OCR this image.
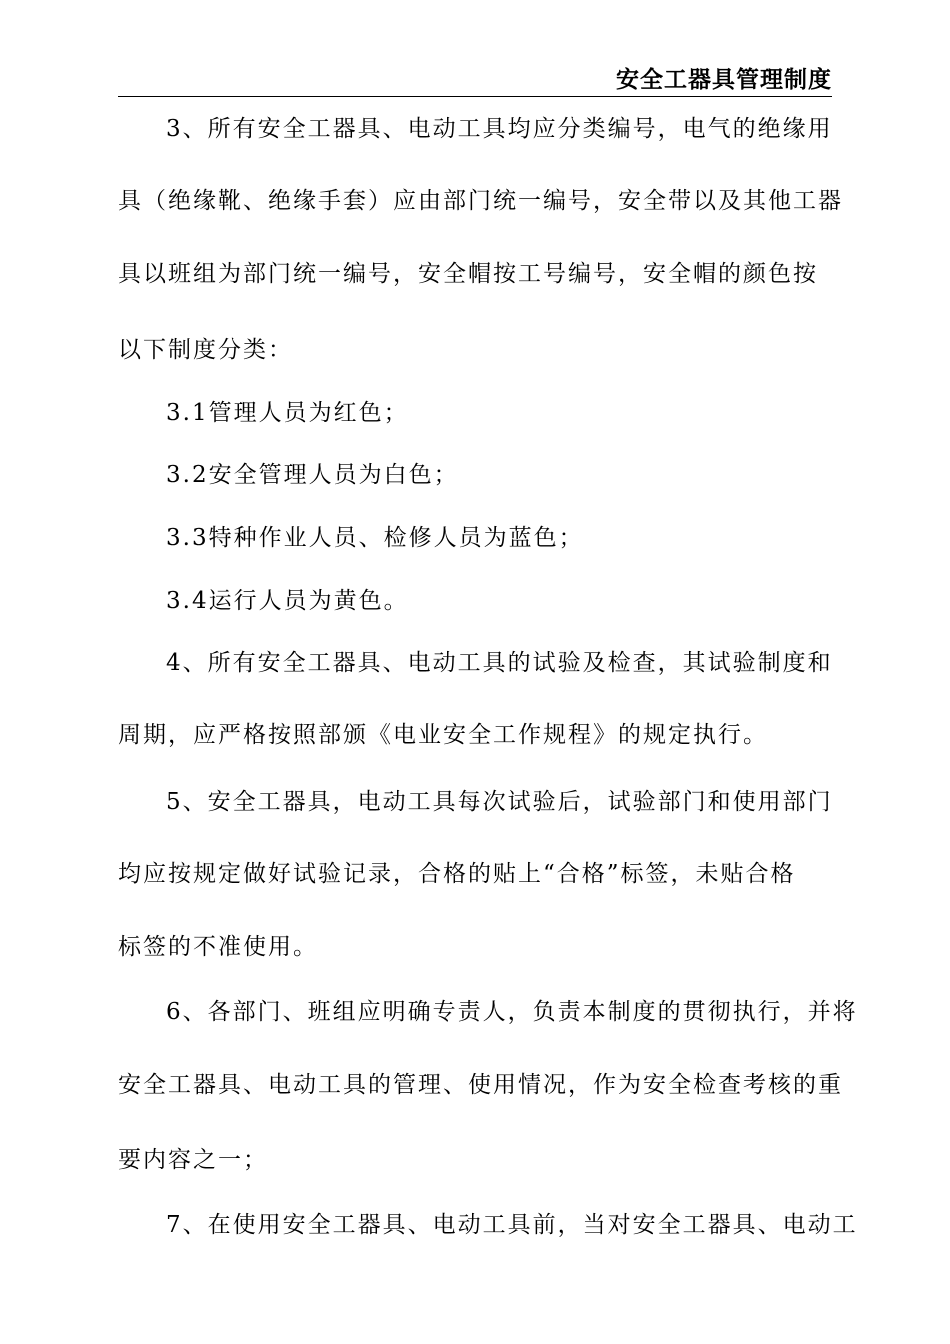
安全工器具管理制度
3、所有安全工器具、电动工具均应分类编号，电气的绝缘用
具（绝缘靴、绝缘手套）应由部门统一编号，安全带以及其他工器
具以班组为部门统一编号，安全帽按工号编号，安全帽的颜色按
以下制度分类：
3.1管理人员为红色；
3.2安全管理人员为白色；
3.3特种作业人员、检修人员为蓝色；
3.4运行人员为黄色。
4、所有安全工器具、电动工具的试验及检查，其试验制度和
周期，应严格按照部颁《电业安全工作规程》的规定执行。
5、安全工器具，电动工具每次试验后，试验部门和使用部门
均应按规定做好试验记录，合格的贴上“合格”标签，未贴合格
标签的不准使用。
6、各部门、班组应明确专责人，负责本制度的贯彻执行，并将
安全工器具、电动工具的管理、使用情况，作为安全检查考核的重
要内容之一；
7、在使用安全工器具、电动工具前，当对安全工器具、电动工
